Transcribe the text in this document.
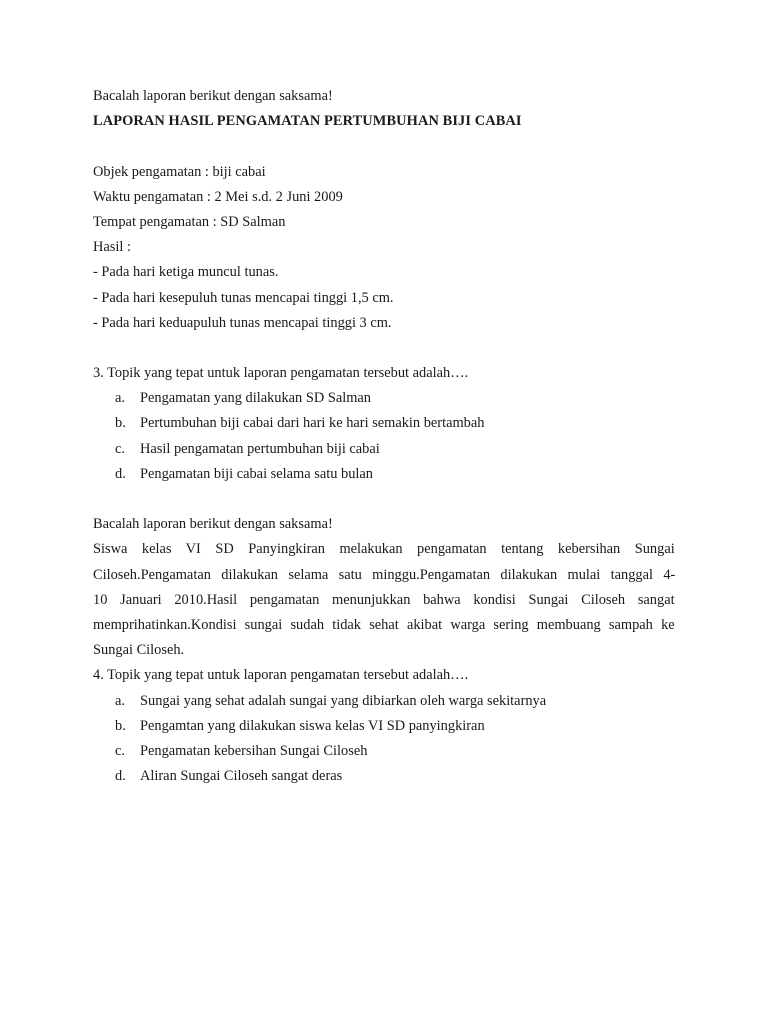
Bacalah laporan berikut dengan saksama!
LAPORAN HASIL PENGAMATAN PERTUMBUHAN BIJI CABAI
Objek pengamatan : biji cabai
Waktu pengamatan : 2 Mei s.d. 2 Juni 2009
Tempat pengamatan : SD Salman
Hasil :
- Pada hari ketiga muncul tunas.
- Pada hari kesepuluh tunas mencapai tinggi 1,5 cm.
- Pada hari keduapuluh tunas mencapai tinggi 3 cm.
3. Topik yang tepat untuk laporan pengamatan tersebut adalah….
a. Pengamatan yang dilakukan SD Salman
b. Pertumbuhan biji cabai dari hari ke hari semakin bertambah
c. Hasil pengamatan pertumbuhan biji cabai
d. Pengamatan biji cabai selama satu bulan
Bacalah laporan berikut dengan saksama!
Siswa kelas VI SD Panyingkiran melakukan pengamatan tentang kebersihan Sungai
Ciloseh.Pengamatan dilakukan selama satu minggu.Pengamatan dilakukan mulai tanggal 4-
10 Januari 2010.Hasil pengamatan menunjukkan bahwa kondisi Sungai Ciloseh sangat
memprihatinkan.Kondisi sungai sudah tidak sehat akibat warga sering membuang sampah ke
Sungai Ciloseh.
4. Topik yang tepat untuk laporan pengamatan tersebut adalah….
a. Sungai yang sehat adalah sungai yang dibiarkan oleh warga sekitarnya
b. Pengamtan yang dilakukan siswa kelas VI SD panyingkiran
c. Pengamatan kebersihan Sungai Ciloseh
d. Aliran Sungai Ciloseh sangat deras
